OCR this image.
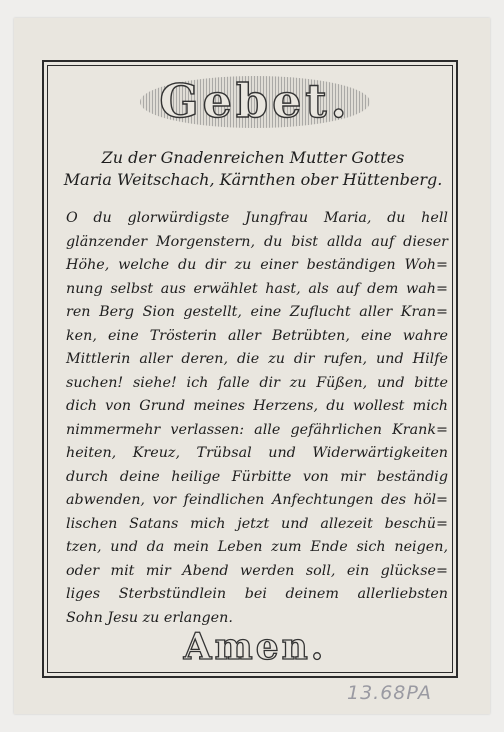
Gebet.
Zu der Gnadenreichen Mutter Gottes
Maria Weitschach, Kärnthen ober Hüttenberg.
O du glorwürdigste Jungfrau Maria, du hell
glänzender Morgenstern, du bist allda auf dieser
Höhe, welche du dir zu einer beständigen Woh=
nung selbst aus erwählet hast, als auf dem wah=
ren Berg Sion gestellt, eine Zuflucht aller Kran=
ken, eine Trösterin aller Betrübten, eine wahre
Mittlerin aller deren, die zu dir rufen, und Hilfe
suchen! siehe! ich falle dir zu Füßen, und bitte
dich von Grund meines Herzens, du wollest mich
nimmermehr verlassen: alle gefährlichen Krank=
heiten, Kreuz, Trübsal und Widerwärtigkeiten
durch deine heilige Fürbitte von mir beständig
abwenden, vor feindlichen Anfechtungen des höl=
lischen Satans mich jetzt und allezeit beschü=
tzen, und da mein Leben zum Ende sich neigen,
oder mit mir Abend werden soll, ein glückse=
liges Sterbstündlein bei deinem allerliebsten
Sohn Jesu zu erlangen.
Amen.
13.68PA
